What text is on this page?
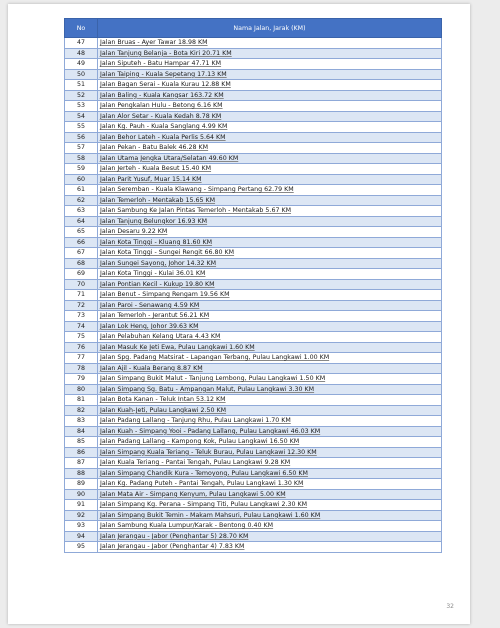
No	Nama Jalan, Jarak (KM)
47	Jalan Bruas - Ayer Tawar 18.98 KM
48	Jalan Tanjung Belanja - Bota Kiri 20.71 KM
49	Jalan Siputeh - Batu Hampar 47.71 KM
50	Jalan Taiping - Kuala Sepetang 17.13 KM
51	Jalan Bagan Serai - Kuala Kurau 12.88 KM
52	Jalan Baling - Kuala Kangsar 163.72 KM
53	Jalan Pengkalan Hulu - Betong 6.16 KM
54	Jalan Alor Setar - Kuala Kedah 8.78 KM
55	Jalan Kg. Pauh - Kuala Sanglang 4.99 KM
56	Jalan Behor Lateh - Kuala Perlis 5.64 KM
57	Jalan Pekan - Batu Balek 46.28 KM
58	Jalan Utama Jengka Utara/Selatan 49.60 KM
59	Jalan Jerteh - Kuala Besut 15.40 KM
60	Jalan Parit Yusuf, Muar 15.14 KM
61	Jalan Seremban - Kuala Klawang - Simpang Pertang 62.79 KM
62	Jalan Temerloh - Mentakab 15.65 KM
63	Jalan Sambung Ke Jalan Pintas Temerloh - Mentakab 5.67 KM
64	Jalan Tanjung Belungkor 16.93 KM
65	Jalan Desaru 9.22 KM
66	Jalan Kota Tinggi - Kluang 81.60 KM
67	Jalan Kota Tinggi - Sungei Rengit 66.80 KM
68	Jalan Sungei Sayong, Johor 14.32 KM
69	Jalan Kota Tinggi - Kulai 36.01 KM
70	Jalan Pontian Kecil - Kukup 19.80 KM
71	Jalan Benut - Simpang Rengam 19.56 KM
72	Jalan Paroi - Senawang 4.59 KM
73	Jalan Temerloh - Jerantut 56.21 KM
74	Jalan Lok Heng, Johor 39.63 KM
75	Jalan Pelabuhan Kelang Utara 4.43 KM
76	Jalan Masuk Ke Jeti Ewa, Pulau Langkawi 1.60 KM
77	Jalan Spg. Padang Matsirat - Lapangan Terbang, Pulau Langkawi 1.00 KM
78	Jalan Ajil - Kuala Berang 8.87 KM
79	Jalan Simpang Bukit Malut - Tanjung Lembong, Pulau Langkawi 1.50 KM
80	Jalan Simpang Sg. Batu - Ampangan Malut, Pulau Langkawi 3.30 KM
81	Jalan Bota Kanan - Teluk Intan 53.12 KM
82	Jalan Kuah-Jeti, Pulau Langkawi 2.50 KM
83	Jalan Padang Lallang - Tanjung Rhu, Pulau Langkawi 1.70 KM
84	Jalan Kuah - Simpang Yooi - Padang Lallang, Pulau Langkawi 46.03 KM
85	Jalan Padang Lallang - Kampong Kok, Pulau Langkawi 16.50 KM
86	Jalan Simpang Kuala Teriang - Teluk Burau, Pulau Langkawi 12.30 KM
87	Jalan Kuala Teriang - Pantai Tengah, Pulau Langkawi 9.28 KM
88	Jalan Simpang Chandik Kura - Temoyong, Pulau Langkawi 6.50 KM
89	Jalan Kg. Padang Puteh - Pantai Tengah, Pulau Langkawi 1.30 KM
90	Jalan Mata Air - Simpang Kenyum, Pulau Langkawi 5.00 KM
91	Jalan Simpang Kg. Perana - Simpang Titi, Pulau Langkawi 2.30 KM
92	Jalan Simpang Bukit Temin - Makam Mahsuri, Pulau Langkawi 1.60 KM
93	Jalan Sambung Kuala Lumpur/Karak - Bentong 0.40 KM
94	Jalan Jerangau - Jabor (Penghantar 5) 28.70 KM
95	Jalan Jerangau - Jabor (Penghantar 4) 7.83 KM
32
